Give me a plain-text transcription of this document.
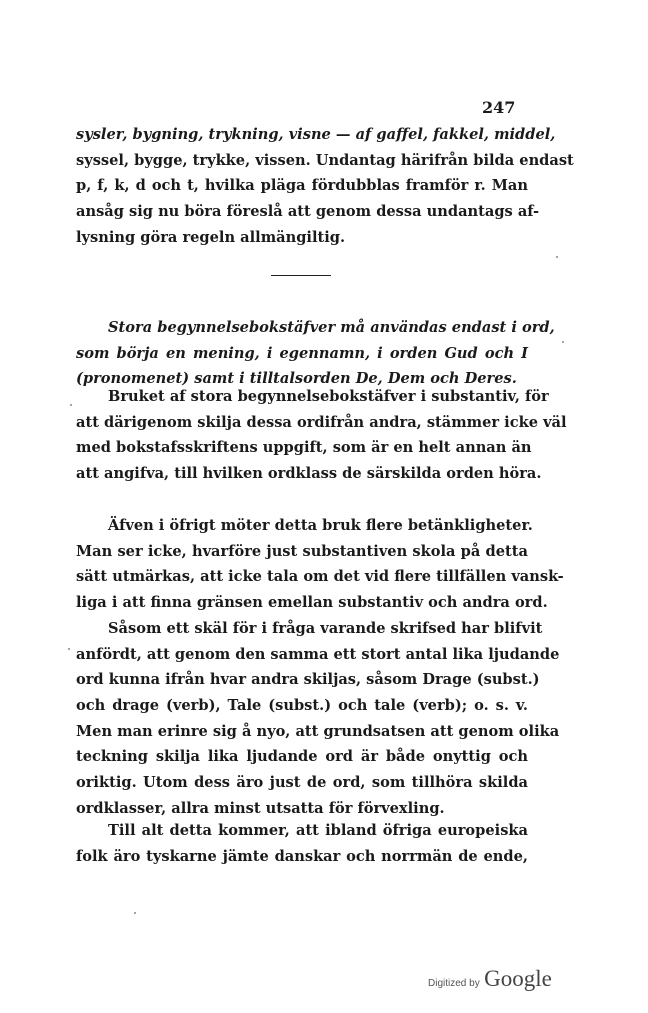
247
sysler, bygning, trykning, visne — af gaffel, fakkel, middel,
syssel, bygge, trykke, vissen. Undantag härifrån bilda endast
p, f, k, d och t, hvilka pläga fördubblas framför r. Man
ansåg sig nu böra föreslå att genom dessa undantags af-
lysning göra regeln allmängiltig.
Stora begynnelsebokstäfver må användas endast i ord,
som börja en mening, i egennamn, i orden Gud och I
(pronomenet) samt i tilltalsorden De, Dem och Deres.
Bruket af stora begynnelsebokstäfver i substantiv, för
att därigenom skilja dessa ordifrån andra, stämmer icke väl
med bokstafsskriftens uppgift, som är en helt annan än
att angifva, till hvilken ordklass de särskilda orden höra.
Äfven i öfrigt möter detta bruk flere betänkligheter.
Man ser icke, hvarföre just substantiven skola på detta
sätt utmärkas, att icke tala om det vid flere tillfällen vansk-
liga i att finna gränsen emellan substantiv och andra ord.
Såsom ett skäl för i fråga varande skrifsed har blifvit
anfördt, att genom den samma ett stort antal lika ljudande
ord kunna ifrån hvar andra skiljas, såsom Drage (subst.)
och drage (verb), Tale (subst.) och tale (verb); o. s. v.
Men man erinre sig å nyo, att grundsatsen att genom olika
teckning skilja lika ljudande ord är både onyttig och
oriktig. Utom dess äro just de ord, som tillhöra skilda
ordklasser, allra minst utsatta för förvexling.
Till alt detta kommer, att ibland öfriga europeiska
folk äro tyskarne jämte danskar och norrmän de ende,
Digitized by Google
